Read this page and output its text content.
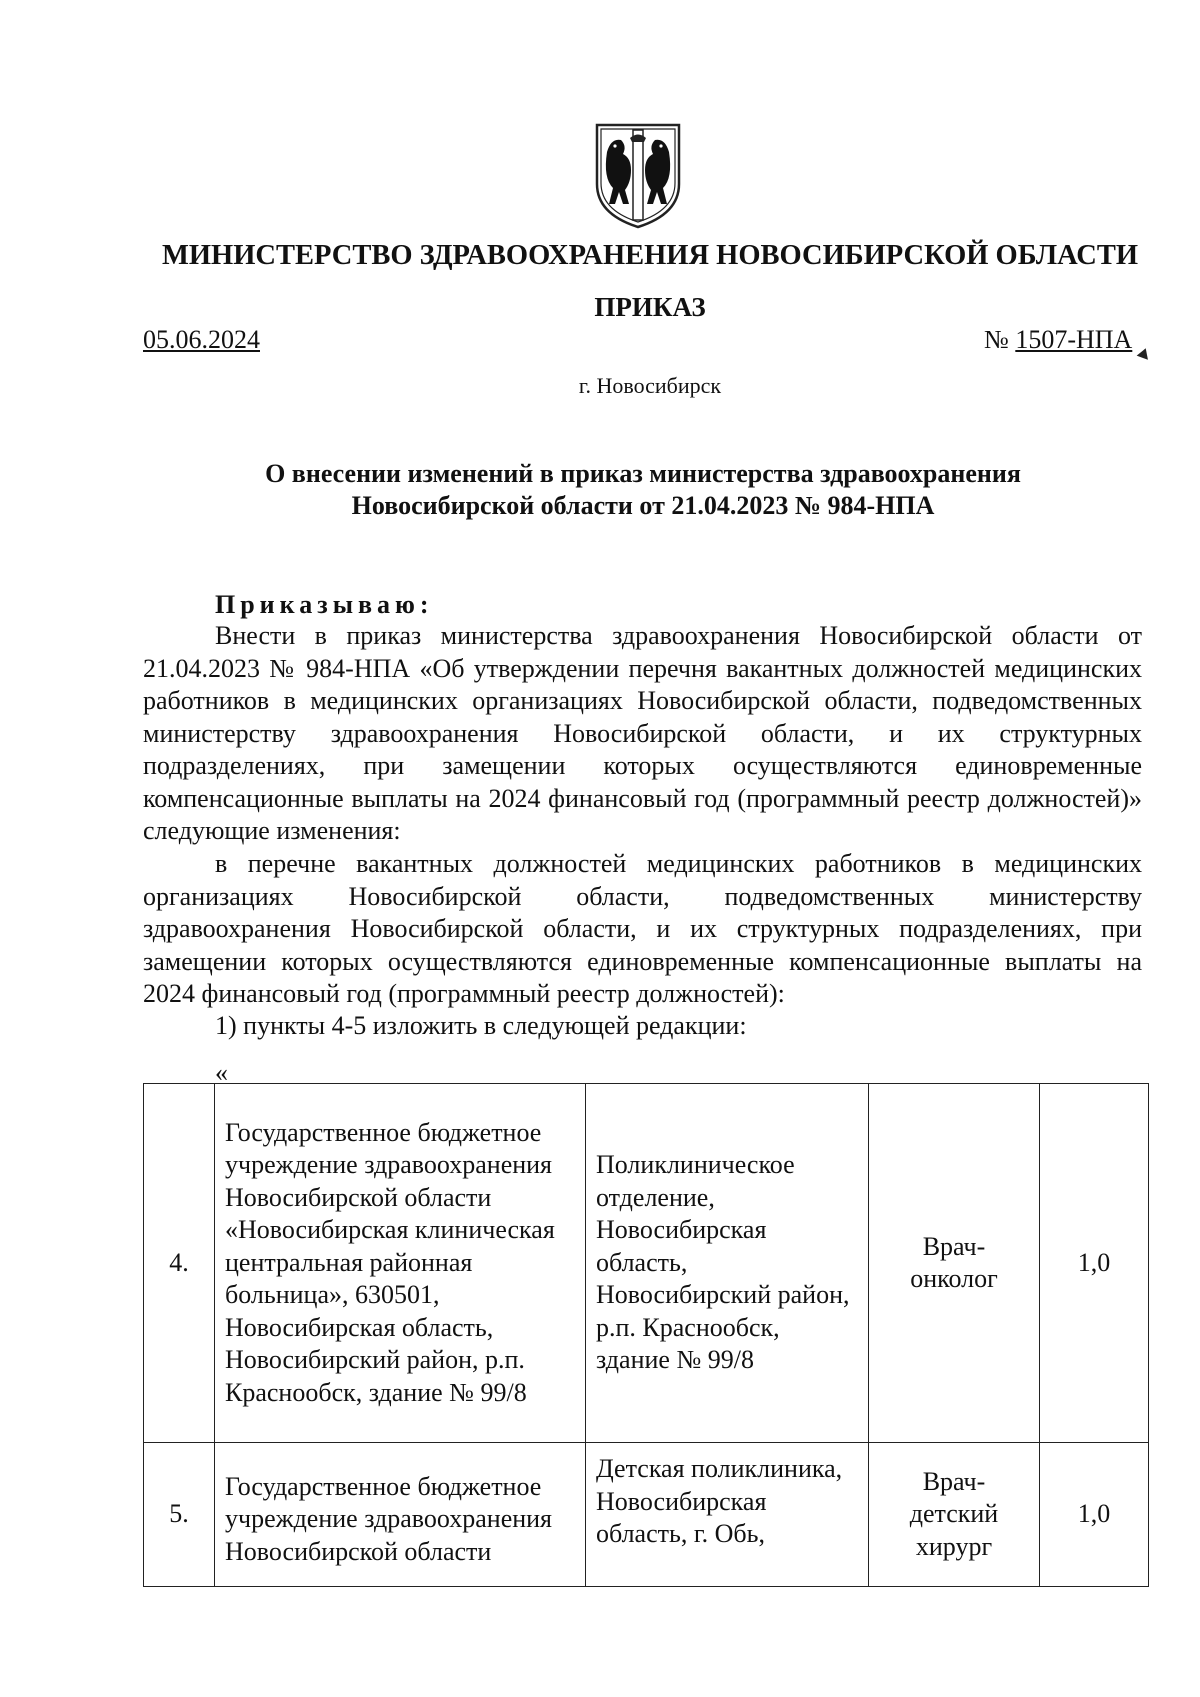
МИНИСТЕРСТВО ЗДРАВООХРАНЕНИЯ НОВОСИБИРСКОЙ ОБЛАСТИ
ПРИКАЗ
05.06.2024	№ 1507-НПА
г. Новосибирск
О внесении изменений в приказ министерства здравоохранения
Новосибирской области от 21.04.2023 № 984-НПА
Приказываю:
Внести в приказ министерства здравоохранения Новосибирской области от 21.04.2023 № 984-НПА «Об утверждении перечня вакантных должностей медицинских работников в медицинских организациях Новосибирской области, подведомственных министерству здравоохранения Новосибирской области, и их структурных подразделениях, при замещении которых осуществляются единовременные компенсационные выплаты на 2024 финансовый год (программный реестр должностей)» следующие изменения:
в перечне вакантных должностей медицинских работников в медицинских организациях Новосибирской области, подведомственных министерству здравоохранения Новосибирской области, и их структурных подразделениях, при замещении которых осуществляются единовременные компенсационные выплаты на 2024 финансовый год (программный реестр должностей):
1) пункты 4-5 изложить в следующей редакции:
«
4.	Государственное бюджетное учреждение здравоохранения Новосибирской области «Новосибирская клиническая центральная районная больница», 630501, Новосибирская область, Новосибирский район, р.п. Краснообск, здание № 99/8	Поликлиническое отделение, Новосибирская область, Новосибирский район, р.п. Краснообск, здание № 99/8	Врач-онколог	1,0
5.	Государственное бюджетное учреждение здравоохранения Новосибирской области	Детская поликлиника, Новосибирская область, г. Обь,	Врач-детский хирург	1,0
